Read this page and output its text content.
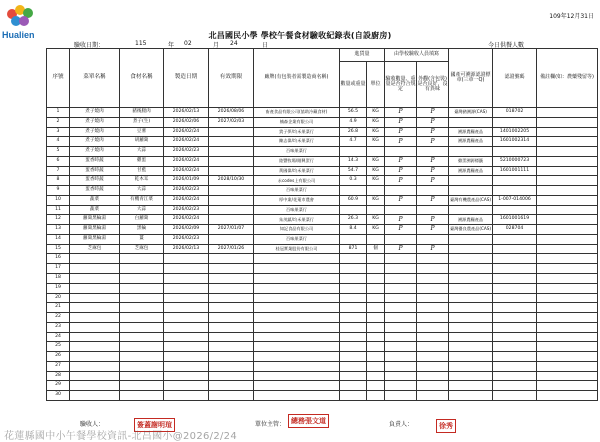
Hualien
109年12月31日
北昌國民小學 學校午餐食材驗收紀錄表(自設廚房)
驗收日期：	115	年 02	月 24	日	今日供餐人數
序號	菜單名稱	食材名稱	製造日期	有效期限	廠牌(有包裝者需製造商名稱)	進貨量		由學校驗收人員填寫		國產可溯源認證標章(三章一Q)	認證號碼	備註欄(如：農藥殘留等)
						數量或重量	單位	驗收數量、重量是否符合規定	外觀(含包裝)是否良好，沒有異味			
1	煮子燒肉	豬後腿肉	2026/02/13	2026/08/06	畜產食品有限公司(協助冷藏食材)	56.5	KG	P	P	臺灣豬溯源(CAS)	018702	
2	煮子燒肉	煮子(生)	2026/02/06	2027/02/03	楠森企業有限公司	4.9	KG	P	P			
3	煮子燒肉	豆薯	2026/02/24		貴子夢/均禾果菜行	26.8	KG	P	P	溯源農糧產品	1401002205	
4	煮子燒肉	胡蘿蔔	2026/02/24		陳志偉/均禾果菜行	4.7	KG	P	P	溯源農糧產品	1601002314	
5	煮子燒肉	大蒜	2026/02/23		百味果菜行							
6	蛋香時蔬	雞蛋	2026/02/24		陸豐牧場/賭興蛋行	14.3	KG	P	P	雞蛋溯源標籤	5210000723	
7	蛋香時蔬	甘藍	2026/02/24		黃國偉/均禾果菜行	54.7	KG	P	P	溯源農糧產品	1601001111	
8	蛋香時蔬	乾木耳	2026/01/09	2028/10/30	永codes上有限公司	0.3	KG	P	P			
9	蛋香時蔬	大蒜	2026/02/23		百味果菜行							
10	蔬菜	有機青江菜	2026/02/24		厚中業/花蓮市農會	60.9	KG	P	P	臺灣有機農產品(CAS)	1-007-014006	
11	蔬菜	大蒜	2026/02/23		百味果菜行							
12	蘿蔔黑輪湯	白蘿蔔	2026/02/24		朱茂鎮/均禾果菜行	26.3	KG	P	P	溯源農糧產品	1601001619	
13	蘿蔔黑輪湯	黑輪	2026/02/09	2027/01/07	知記食品有限公司	8.4	KG	P	P	臺灣優良農產品(CAS)	028704	
14	蘿蔔黑輪湯	薑	2026/02/23		百味果菜行							
15	芝麻包	芝麻包	2026/02/13	2027/01/26	桂冠實業股份有限公司	871	個	P	P			
16												
17												
18												
19												
20												
21												
22												
23												
24												
25												
26												
27												
28												
29												
30												
驗收人：	簽蓋謝明瑄	單位主管： 總務張文道	負責人：	徐秀
花蓮縣國中小午餐學校資訊-北昌國小@2026/2/24
